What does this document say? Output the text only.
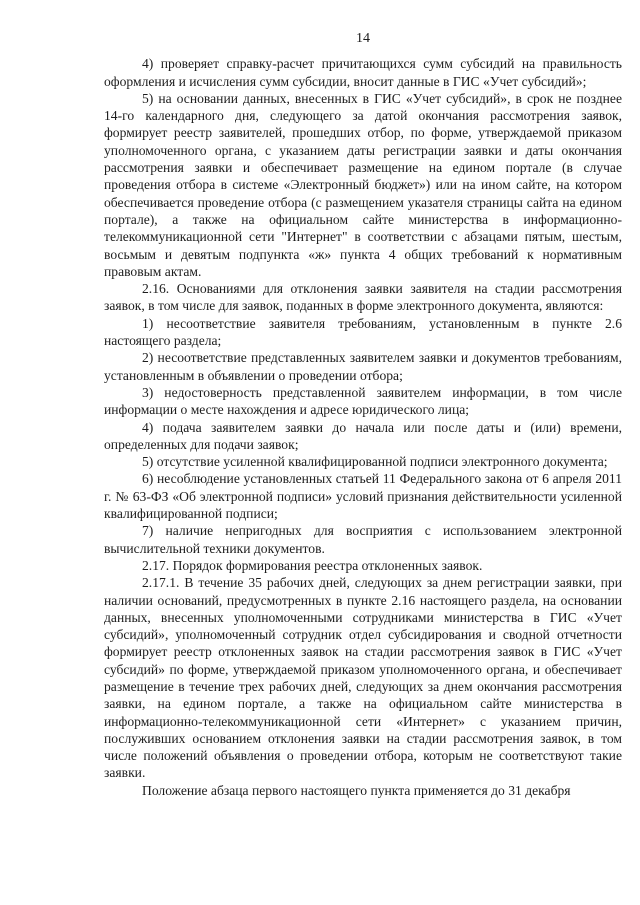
14

4) проверяет справку-расчет причитающихся сумм субсидий на правильность оформления и исчисления сумм субсидии, вносит данные в ГИС «Учет субсидий»;

5) на основании данных, внесенных в ГИС «Учет субсидий», в срок не позднее 14-го календарного дня, следующего за датой окончания рассмотрения заявок, формирует реестр заявителей, прошедших отбор, по форме, утверждаемой приказом уполномоченного органа, с указанием даты регистрации заявки и даты окончания рассмотрения заявки и обеспечивает размещение на едином портале (в случае проведения отбора в системе «Электронный бюджет») или на ином сайте, на котором обеспечивается проведение отбора (с размещением указателя страницы сайта на едином портале), а также на официальном сайте министерства в информационно-телекоммуникационной сети "Интернет" в соответствии с абзацами пятым, шестым, восьмым и девятым подпункта «ж» пункта 4 общих требований к нормативным правовым актам.

2.16. Основаниями для отклонения заявки заявителя на стадии рассмотрения заявок, в том числе для заявок, поданных в форме электронного документа, являются:

1) несоответствие заявителя требованиям, установленным в пункте 2.6 настоящего раздела;

2) несоответствие представленных заявителем заявки и документов требованиям, установленным в объявлении о проведении отбора;

3) недостоверность представленной заявителем информации, в том числе информации о месте нахождения и адресе юридического лица;

4) подача заявителем заявки до начала или после даты и (или) времени, определенных для подачи заявок;

5) отсутствие усиленной квалифицированной подписи электронного документа;

6) несоблюдение установленных статьей 11 Федерального закона от 6 апреля 2011 г. № 63-ФЗ «Об электронной подписи» условий признания действительности усиленной квалифицированной подписи;

7) наличие непригодных для восприятия с использованием электронной вычислительной техники документов.

2.17. Порядок формирования реестра отклоненных заявок.

2.17.1. В течение 35 рабочих дней, следующих за днем регистрации заявки, при наличии оснований, предусмотренных в пункте 2.16 настоящего раздела, на основании данных, внесенных уполномоченными сотрудниками министерства в ГИС «Учет субсидий», уполномоченный сотрудник отдел субсидирования и сводной отчетности формирует реестр отклоненных заявок на стадии рассмотрения заявок в ГИС «Учет субсидий» по форме, утверждаемой приказом уполномоченного органа, и обеспечивает размещение в течение трех рабочих дней, следующих за днем окончания рассмотрения заявки, на едином портале, а также на официальном сайте министерства в информационно-телекоммуникационной сети «Интернет» с указанием причин, послуживших основанием отклонения заявки на стадии рассмотрения заявок, в том числе положений объявления о проведении отбора, которым не соответствуют такие заявки.

Положение абзаца первого настоящего пункта применяется до 31 декабря
